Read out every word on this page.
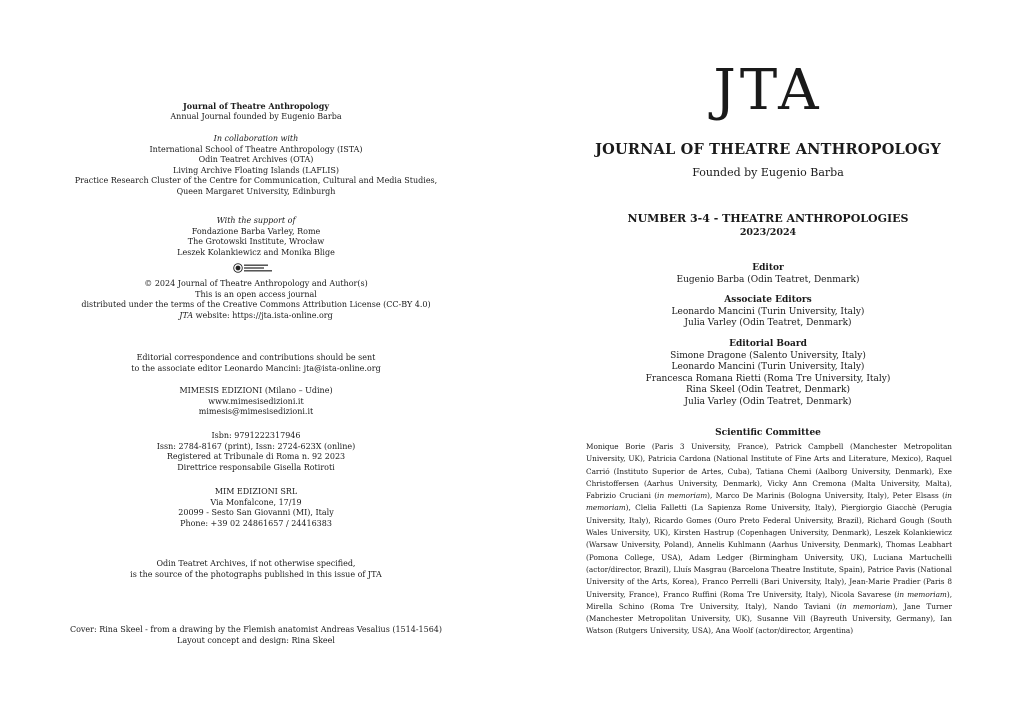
Journal of Theatre Anthropology
Annual Journal founded by Eugenio Barba
In collaboration with
International School of Theatre Anthropology (ISTA)
Odin Teatret Archives (OTA)
Living Archive Floating Islands (LAFLIS)
Practice Research Cluster of the Centre for Communication, Cultural and Media Studies,
Queen Margaret University, Edinburgh
With the support of
Fondazione Barba Varley, Rome
The Grotowski Institute, Wrocław
Leszek Kolankiewicz and Monika Blige
© 2024 Journal of Theatre Anthropology and Author(s)
This is an open access journal
distributed under the terms of the Creative Commons Attribution License (CC-BY 4.0)
JTA website: https://jta.ista-online.org
Editorial correspondence and contributions should be sent
to the associate editor Leonardo Mancini: jta@ista-online.org
MIMESIS EDIZIONI (Milano – Udine)
www.mimesisedizioni.it
mimesis@mimesisedizioni.it
Isbn: 9791222317946
Issn: 2784-8167 (print), Issn: 2724-623X (online)
Registered at Tribunale di Roma n. 92 2023
Direttrice responsabile Gisella Rotiroti
MIM EDIZIONI SRL
Via Monfalcone, 17/19
20099 - Sesto San Giovanni (MI), Italy
Phone: +39 02 24861657 / 24416383
Odin Teatret Archives, if not otherwise specified,
is the source of the photographs published in this issue of JTA
Cover: Rina Skeel - from a drawing by the Flemish anatomist Andreas Vesalius (1514-1564)
Layout concept and design: Rina Skeel
JTA
JOURNAL OF THEATRE ANTHROPOLOGY
Founded by Eugenio Barba
NUMBER 3-4 - THEATRE ANTHROPOLOGIES
2023/2024
Editor
Eugenio Barba (Odin Teatret, Denmark)
Associate Editors
Leonardo Mancini (Turin University, Italy)
Julia Varley (Odin Teatret, Denmark)
Editorial Board
Simone Dragone (Salento University, Italy)
Leonardo Mancini (Turin University, Italy)
Francesca Romana Rietti (Roma Tre University, Italy)
Rina Skeel (Odin Teatret, Denmark)
Julia Varley (Odin Teatret, Denmark)
Scientific Committee
Monique Borie (Paris 3 University, France), Patrick Campbell (Manchester Metropolitan University, UK), Patricia Cardona (National Institute of Fine Arts and Literature, Mexico), Raquel Carrió (Instituto Superior de Artes, Cuba), Tatiana Chemi (Aalborg University, Denmark), Exe Christoffersen (Aarhus University, Denmark), Vicky Ann Cremona (Malta University, Malta), Fabrizio Cruciani (in memoriam), Marco De Marinis (Bologna University, Italy), Peter Elsass (in memoriam), Clelia Falletti (La Sapienza Rome University, Italy), Piergiorgio Giacchè (Perugia University, Italy), Ricardo Gomes (Ouro Preto Federal University, Brazil), Richard Gough (South Wales University, UK), Kirsten Hastrup (Copenhagen University, Denmark), Leszek Kolankiewicz (Warsaw University, Poland), Annelis Kuhlmann (Aarhus University, Denmark), Thomas Leabhart (Pomona College, USA), Adam Ledger (Birmingham University, UK), Luciana Martuchelli (actor/director, Brazil), Lluís Masgrau (Barcelona Theatre Institute, Spain), Patrice Pavis (National University of the Arts, Korea), Franco Perrelli (Bari University, Italy), Jean-Marie Pradier (Paris 8 University, France), Franco Ruffini (Roma Tre University, Italy), Nicola Savarese (in memoriam), Mirella Schino (Roma Tre University, Italy), Nando Taviani (in memoriam), Jane Turner (Manchester Metropolitan University, UK), Susanne Vill (Bayreuth University, Germany), Ian Watson (Rutgers University, USA), Ana Woolf (actor/director, Argentina)
